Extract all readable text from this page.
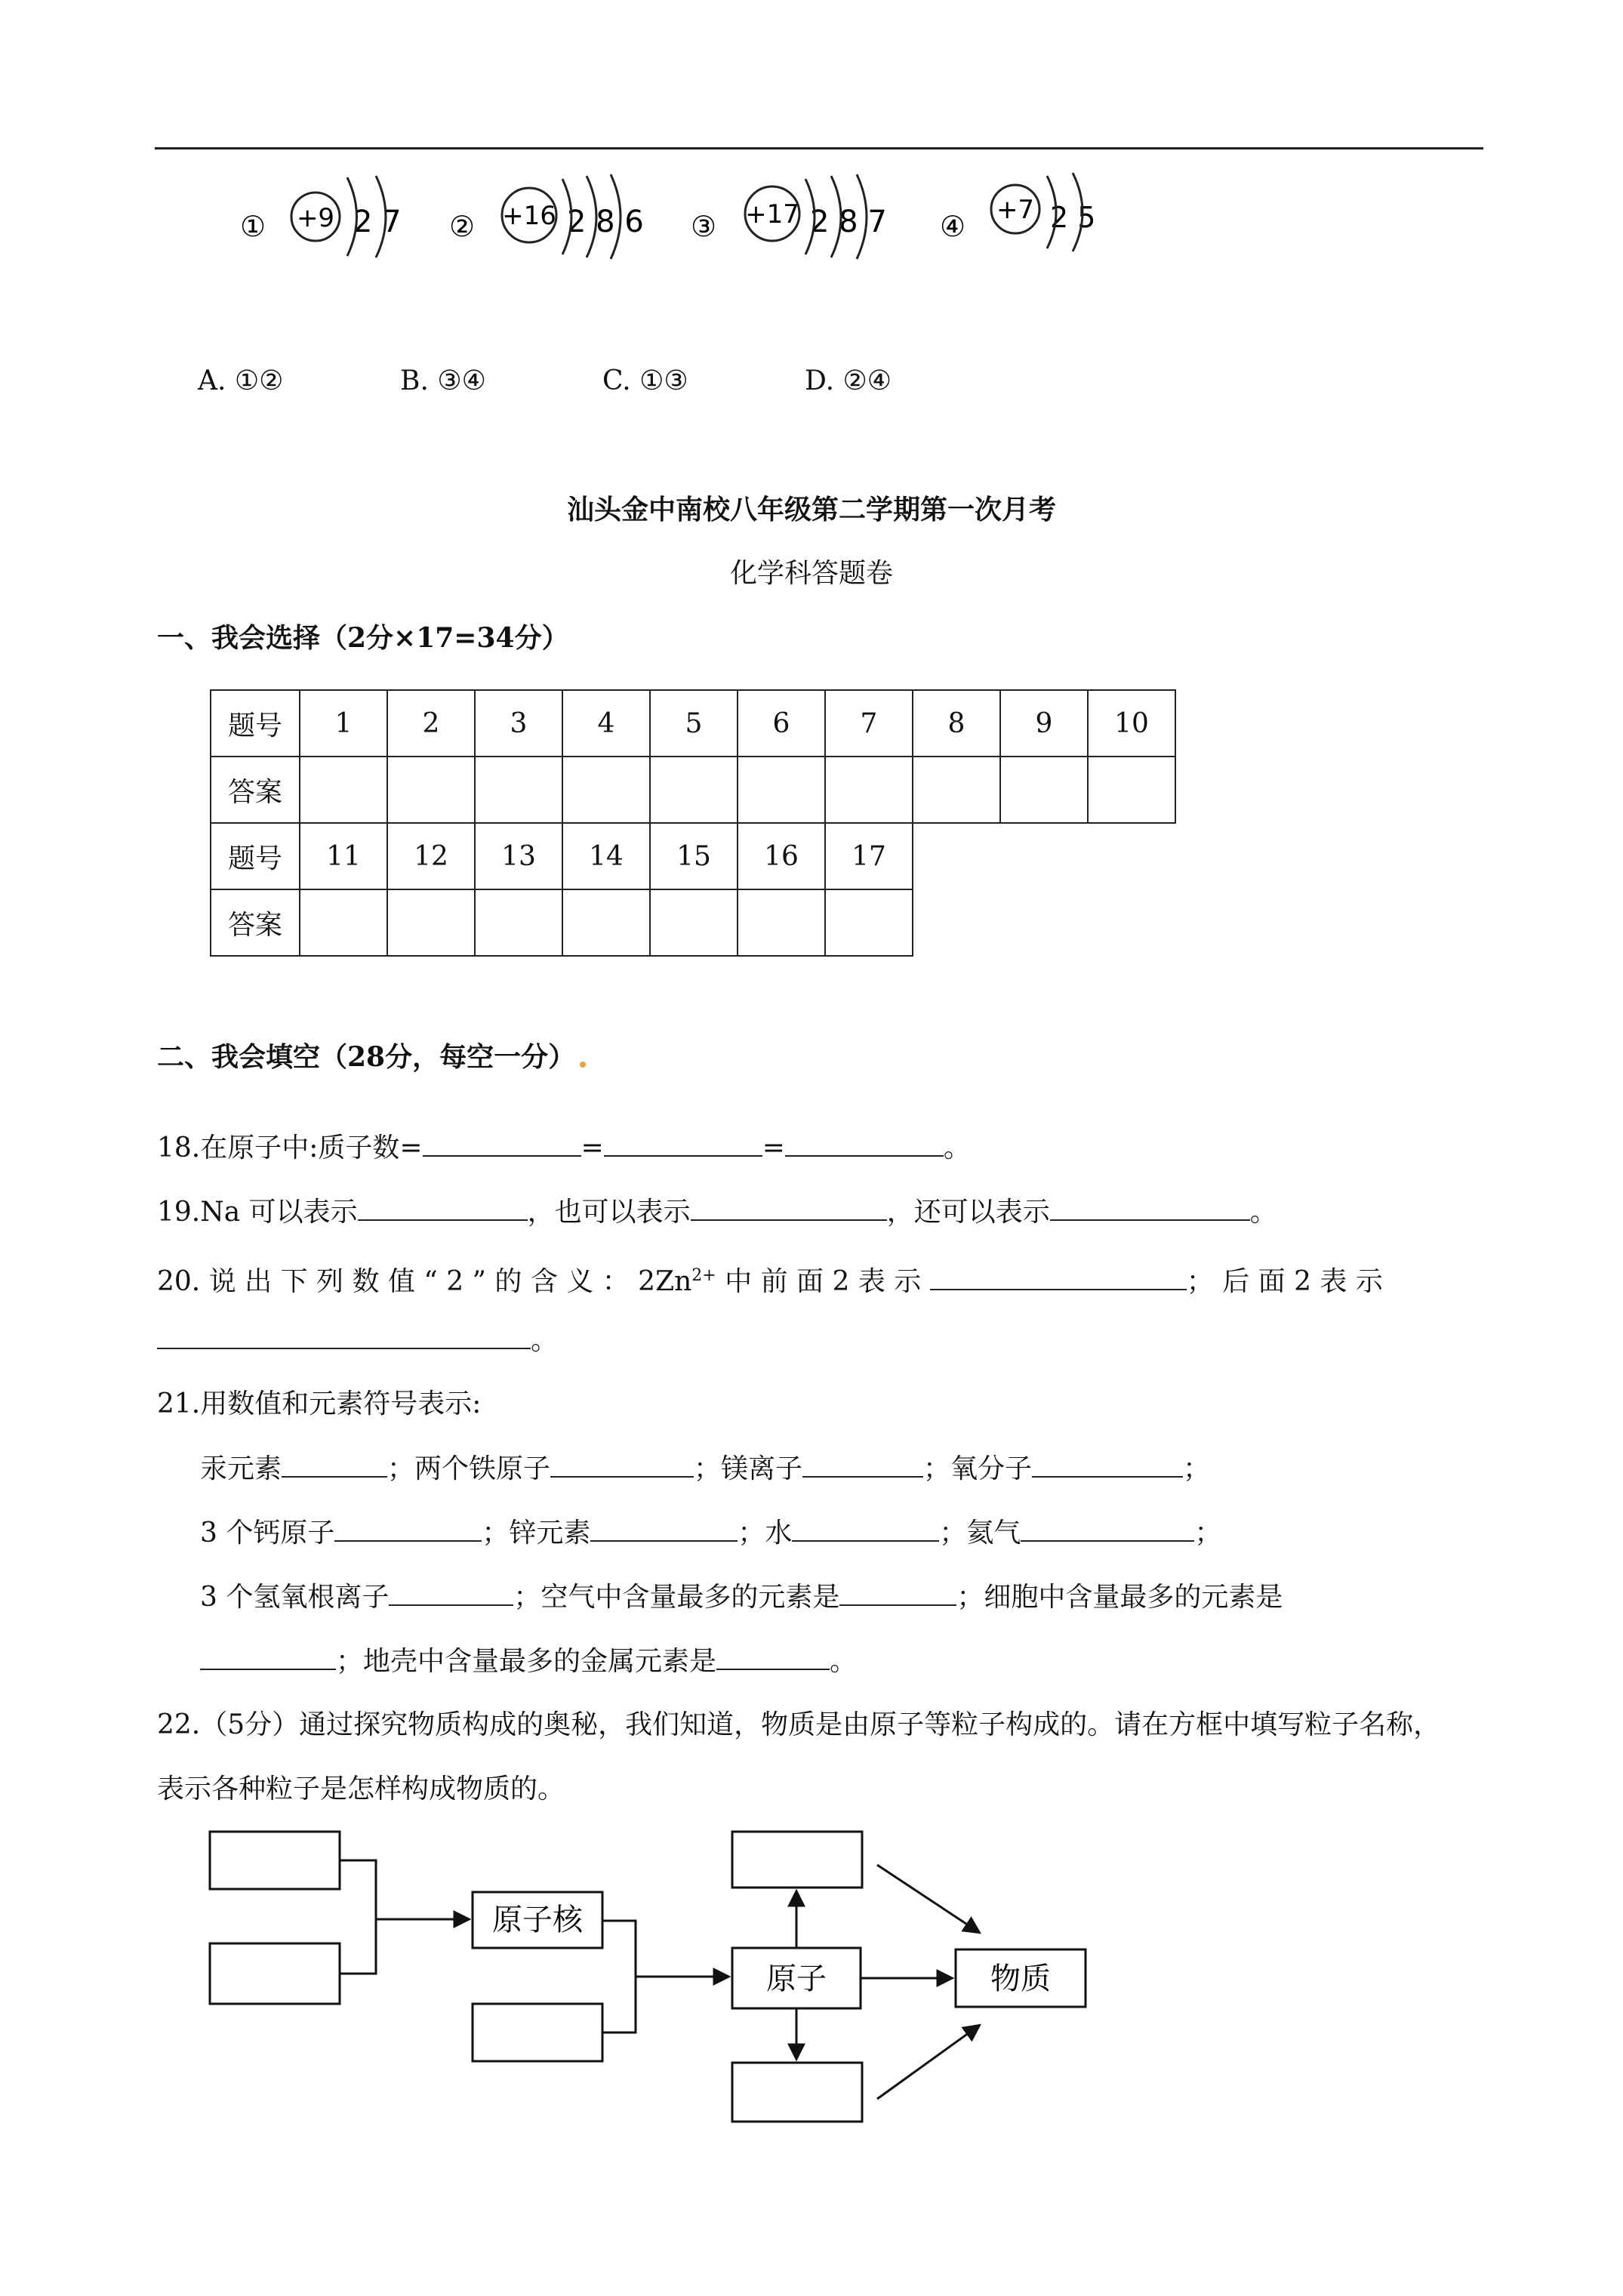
① +9 2 7 ② +16 2 8 6 ③ +17 2 8 7 ④ +7 2 5
A. ①②	B. ③④	C. ①③	D. ②④
汕头金中南校八年级第二学期第一次月考
化学科答题卷
一、我会选择（2分×17=34分）
题号	1	2	3	4	5	6	7	8	9	10
答案										
题号	11	12	13	14	15	16	17			
答案										
二、我会填空（28分，每空一分）
18.在原子中:质子数=	=	=	。
19.Na 可以表示	，也可以表示	，还可以表示	。
20. 说 出 下 列 数 值 “ 2 ” 的 含 义 ： $2Zn^{2+}$ 中 前 面 2 表 示	； 后 面 2 表 示
。
21.用数值和元素符号表示:
汞元素	；两个铁原子	；镁离子	；氧分子	；
3 个钙原子	；锌元素	；水	；氦气	；
3 个氢氧根离子	；空气中含量最多的元素是	；细胞中含量最多的元素是
；地壳中含量最多的金属元素是	。
22.（5分）通过探究物质构成的奥秘，我们知道，物质是由原子等粒子构成的。请在方框中填写粒子名称，
表示各种粒子是怎样构成物质的。
原子核
原子	物质
